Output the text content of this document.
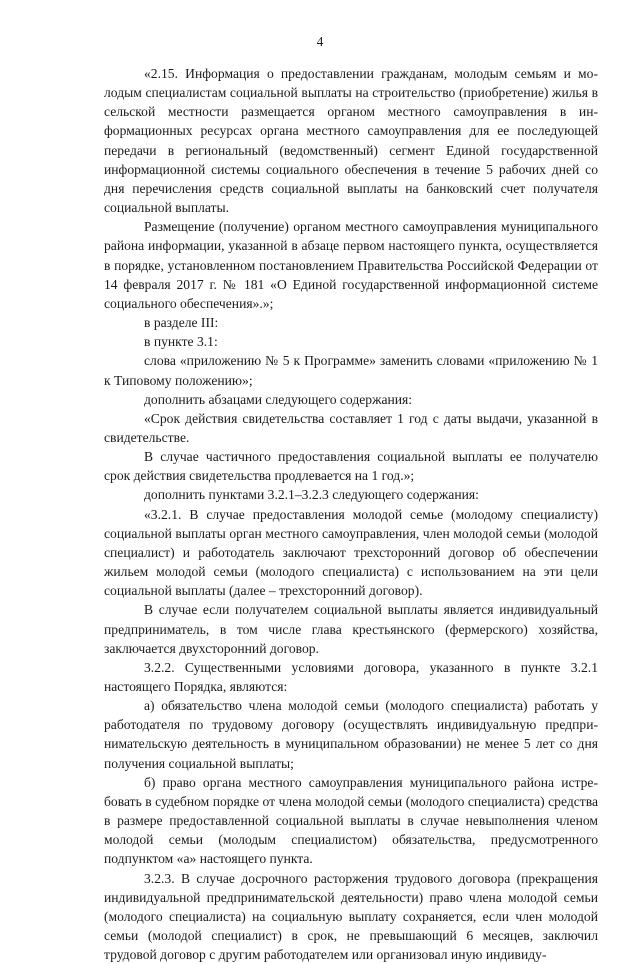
4

«2.15. Информация о предоставлении гражданам, молодым семьям и молодым специалистам социальной выплаты на строительство (приобретение) жилья в сельской местности размещается органом местного самоуправления в информационных ресурсах органа местного самоуправления для ее последующей передачи в региональный (ведомственный) сегмент Единой государственной информационной системы социального обеспечения в течение 5 рабочих дней со дня перечисления средств социальной выплаты на банковский счет получателя социальной выплаты.

Размещение (получение) органом местного самоуправления муниципального района информации, указанной в абзаце первом настоящего пункта, осуществляется в порядке, установленном постановлением Правительства Российской Федерации от 14 февраля 2017 г. № 181 «О Единой государственной информационной системе социального обеспечения».»;

в разделе III:

в пункте 3.1:

слова «приложению № 5 к Программе» заменить словами «приложению № 1 к Типовому положению»;

дополнить абзацами следующего содержания:

«Срок действия свидетельства составляет 1 год с даты выдачи, указанной в свидетельстве.

В случае частичного предоставления социальной выплаты ее получателю срок действия свидетельства продлевается на 1 год.»;

дополнить пунктами 3.2.1–3.2.3 следующего содержания:

«3.2.1. В случае предоставления молодой семье (молодому специалисту) социальной выплаты орган местного самоуправления, член молодой семьи (молодой специалист) и работодатель заключают трехсторонний договор об обеспечении жильем молодой семьи (молодого специалиста) с использованием на эти цели социальной выплаты (далее – трехсторонний договор).

В случае если получателем социальной выплаты является индивидуальный предприниматель, в том числе глава крестьянского (фермерского) хозяйства, заключается двухсторонний договор.

3.2.2. Существенными условиями договора, указанного в пункте 3.2.1 настоящего Порядка, являются:

а) обязательство члена молодой семьи (молодого специалиста) работать у работодателя по трудовому договору (осуществлять индивидуальную предпринимательскую деятельность в муниципальном образовании) не менее 5 лет со дня получения социальной выплаты;

б) право органа местного самоуправления муниципального района истребовать в судебном порядке от члена молодой семьи (молодого специалиста) средства в размере предоставленной социальной выплаты в случае невыполнения членом молодой семьи (молодым специалистом) обязательства, предусмотренного подпунктом «а» настоящего пункта.

3.2.3. В случае досрочного расторжения трудового договора (прекращения индивидуальной предпринимательской деятельности) право члена молодой семьи (молодого специалиста) на социальную выплату сохраняется, если член молодой семьи (молодой специалист) в срок, не превышающий 6 месяцев, заключил трудовой договор с другим работодателем или организовал иную индивиду-
